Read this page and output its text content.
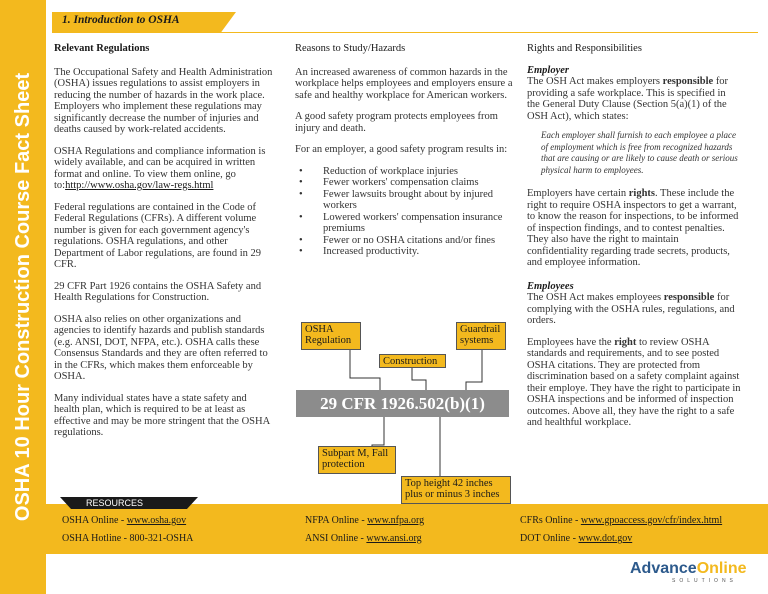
OSHA 10 Hour Construction Course Fact Sheet
1. Introduction to OSHA
Relevant Regulations

The Occupational Safety and Health Administration (OSHA) issues regulations to assist employers in reducing the number of hazards in the work place. Employers who implement these regulations may significantly decrease the number of injuries and deaths caused by work-related accidents.

OSHA Regulations and compliance information is widely available, and can be acquired in written format and online. To view them online, go to:http://www.osha.gov/law-regs.html

Federal regulations are contained in the Code of Federal Regulations (CFRs). A different volume number is given for each government agency's regulations. OSHA regulations, and other Department of Labor regulations, are found in 29 CFR.

29 CFR Part 1926 contains the OSHA Safety and Health Regulations for Construction.

OSHA also relies on other organizations and agencies to identify hazards and publish standards (e.g. ANSI, DOT, NFPA, etc.). OSHA calls these Consensus Standards and they are often referred to in the CFRs, which makes them enforceable by OSHA.

Many individual states have a state safety and health plan, which is required to be at least as effective and may be more stringent that the OSHA regulations.

Reasons to Study/Hazards

An increased awareness of common hazards in the workplace helps employees and employers ensure a safe and healthy workplace for American workers.

A good safety program protects employees from injury and death.

For an employer, a good safety program results in:

• Reduction of workplace injuries
• Fewer workers' compensation claims
• Fewer lawsuits brought about by injured workers
• Lowered workers' compensation insurance premiums
• Fewer or no OSHA citations and/or fines
• Increased productivity.
OSHA Regulation
Construction
Guardrail systems
29 CFR 1926.502(b)(1)
Subpart M, Fall protection
Top height 42 inches plus or minus 3 inches
Rights and Responsibilities
Employer

The OSH Act makes employers responsible for providing a safe workplace. This is specified in the General Duty Clause (Section 5(a)(1) of the OSH Act), which states:

Each employer shall furnish to each employee a place of employment which is free from recognized hazards that are causing or are likely to cause death or serious physical harm to employees.

Employers have certain rights. These include the right to require OSHA inspectors to get a warrant, to know the reason for inspections, to be informed of inspection findings, and to contest penalties. They also have the right to maintain confidentiality regarding trade secrets, products, and employee information.

Employees

The OSH Act makes employees responsible for complying with the OSHA rules, regulations, and orders.

Employees have the right to review OSHA standards and requirements, and to see posted OSHA citations. They are protected from discrimination based on a safety complaint against their employe. They have the right to participate in OSHA inspections and be informed of inspection outcomes. Above all, they have the right to a safe and healthful workplace.

RESOURCES
OSHA Online - www.osha.gov
OSHA Hotline - 800-321-OSHA
NFPA Online - www.nfpa.org
ANSI Online - www.ansi.org
CFRs Online - www.gpoaccess.gov/cfr/index.html
DOT Online - www.dot.gov
AdvanceOnline
SOLUTIONS
